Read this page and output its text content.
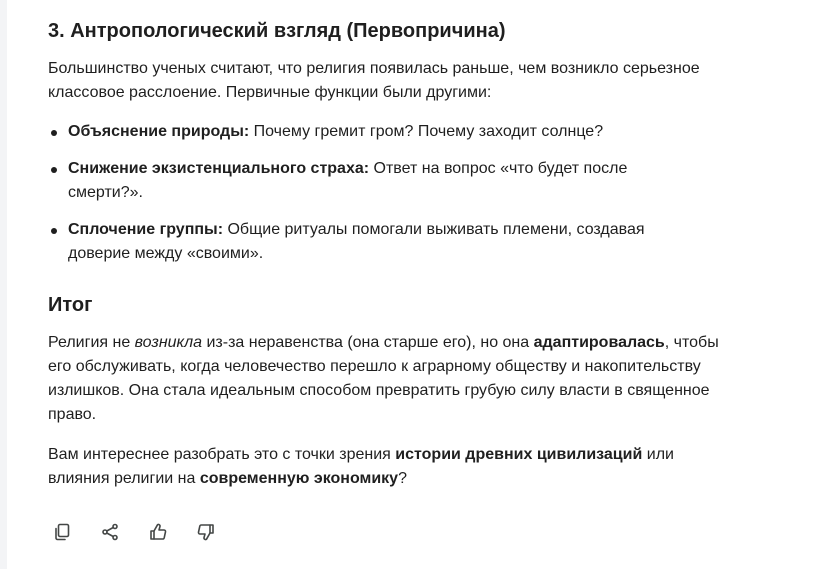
3. Антропологический взгляд (Первопричина)

Большинство ученых считают, что религия появилась раньше, чем возникло серьезное классовое расслоение. Первичные функции были другими:

Объяснение природы: Почему гремит гром? Почему заходит солнце?
Снижение экзистенциального страха: Ответ на вопрос «что будет после смерти?».
Сплочение группы: Общие ритуалы помогали выживать племени, создавая доверие между «своими».
Итог

Религия не возникла из-за неравенства (она старше его), но она адаптировалась, чтобы его обслуживать, когда человечество перешло к аграрному обществу и накопительству излишков. Она стала идеальным способом превратить грубую силу власти в священное право.

Вам интереснее разобрать это с точки зрения истории древних цивилизаций или влияния религии на современную экономику?
